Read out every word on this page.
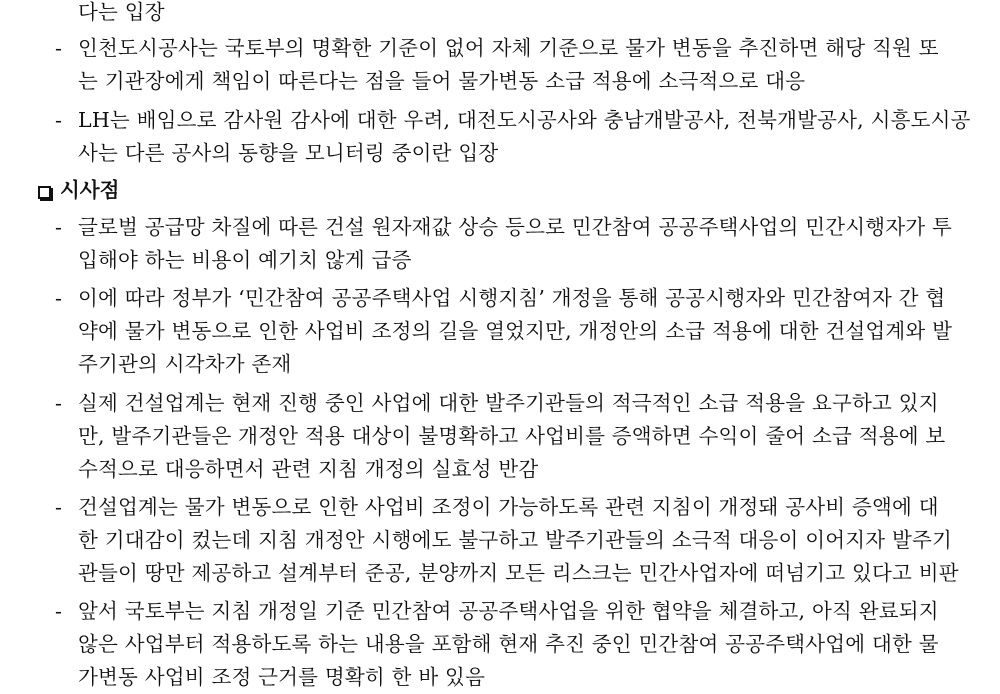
다는 입장
- 인천도시공사는 국토부의 명확한 기준이 없어 자체 기준으로 물가 변동을 추진하면 해당 직원 또
는 기관장에게 책임이 따른다는 점을 들어 물가변동 소급 적용에 소극적으로 대응
- LH는 배임으로 감사원 감사에 대한 우려, 대전도시공사와 충남개발공사, 전북개발공사, 시흥도시공
사는 다른 공사의 동향을 모니터링 중이란 입장
시사점
- 글로벌 공급망 차질에 따른 건설 원자재값 상승 등으로 민간참여 공공주택사업의 민간시행자가 투
입해야 하는 비용이 예기치 않게 급증
- 이에 따라 정부가 ‘민간참여 공공주택사업 시행지침’ 개정을 통해 공공시행자와 민간참여자 간 협
약에 물가 변동으로 인한 사업비 조정의 길을 열었지만, 개정안의 소급 적용에 대한 건설업계와 발
주기관의 시각차가 존재
- 실제 건설업계는 현재 진행 중인 사업에 대한 발주기관들의 적극적인 소급 적용을 요구하고 있지
만, 발주기관들은 개정안 적용 대상이 불명확하고 사업비를 증액하면 수익이 줄어 소급 적용에 보
수적으로 대응하면서 관련 지침 개정의 실효성 반감
- 건설업계는 물가 변동으로 인한 사업비 조정이 가능하도록 관련 지침이 개정돼 공사비 증액에 대
한 기대감이 컸는데 지침 개정안 시행에도 불구하고 발주기관들의 소극적 대응이 이어지자 발주기
관들이 땅만 제공하고 설계부터 준공, 분양까지 모든 리스크는 민간사업자에 떠넘기고 있다고 비판
- 앞서 국토부는 지침 개정일 기준 민간참여 공공주택사업을 위한 협약을 체결하고, 아직 완료되지
않은 사업부터 적용하도록 하는 내용을 포함해 현재 추진 중인 민간참여 공공주택사업에 대한 물
가변동 사업비 조정 근거를 명확히 한 바 있음
